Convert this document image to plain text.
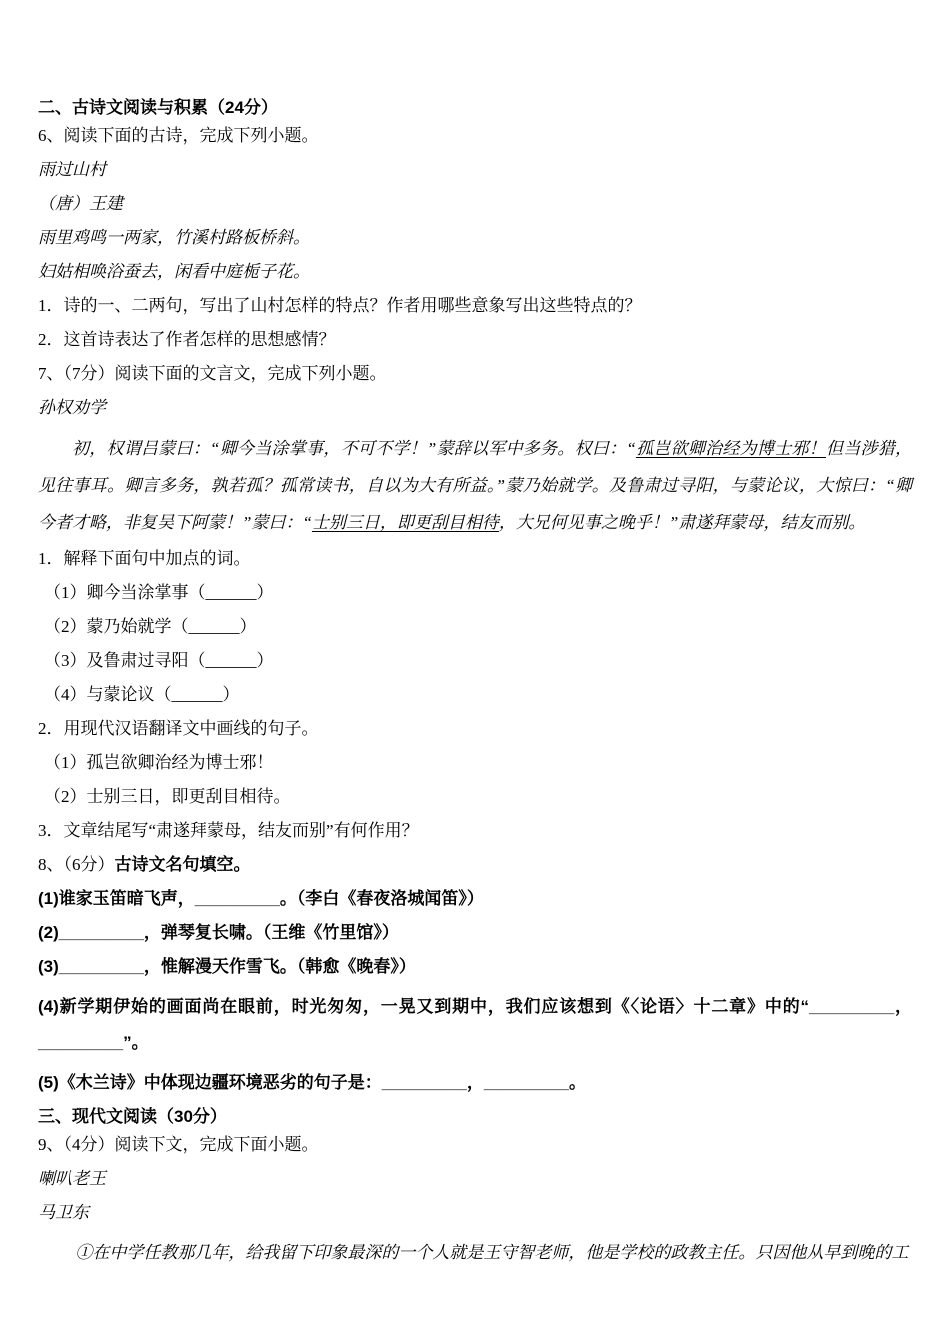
二、古诗文阅读与积累（24分）

6、阅读下面的古诗，完成下列小题。

雨过山村

（唐）王建

雨里鸡鸣一两家，竹溪村路板桥斜。

妇姑相唤浴蚕去，闲看中庭栀子花。

1．诗的一、二两句，写出了山村怎样的特点？作者用哪些意象写出这些特点的？

2．这首诗表达了作者怎样的思想感情？

7、（7分）阅读下面的文言文，完成下列小题。

孙权劝学

初，权谓吕蒙曰：“卿今当涂掌事，不可不学！”蒙辞以军中多务。权曰：“孤岂欲卿治经为博士邪！但当涉猎，见往事耳。卿言多务，孰若孤？孤常读书，自以为大有所益。”蒙乃始就学。及鲁肃过寻阳，与蒙论议，大惊曰：“卿今者才略，非复吴下阿蒙！”蒙曰：“士别三日，即更刮目相待，大兄何见事之晚乎！”肃遂拜蒙母，结友而别。

1．解释下面句中加点的词。

（1）卿今当涂掌事（______）

（2）蒙乃始就学（______）

（3）及鲁肃过寻阳（______）

（4）与蒙论议（______）

2．用现代汉语翻译文中画线的句子。

（1）孤岂欲卿治经为博士邪！

（2）士别三日，即更刮目相待。

3．文章结尾写“肃遂拜蒙母，结友而别”有何作用？

8、（6分）古诗文名句填空。

(1)谁家玉笛暗飞声，_________。（李白《春夜洛城闻笛》）

(2)_________，弹琴复长啸。（王维《竹里馆》）

(3)_________，惟解漫天作雪飞。（韩愈《晚春》）

(4)新学期伊始的画面尚在眼前，时光匆匆，一晃又到期中，我们应该想到《〈论语〉十二章》中的“_________，_________”。

(5)《木兰诗》中体现边疆环境恶劣的句子是：_________，_________。

三、现代文阅读（30分）

9、（4分）阅读下文，完成下面小题。

喇叭老王

马卫东

①在中学任教那几年，给我留下印象最深的一个人就是王守智老师，他是学校的政教主任。只因他从早到晚的工
